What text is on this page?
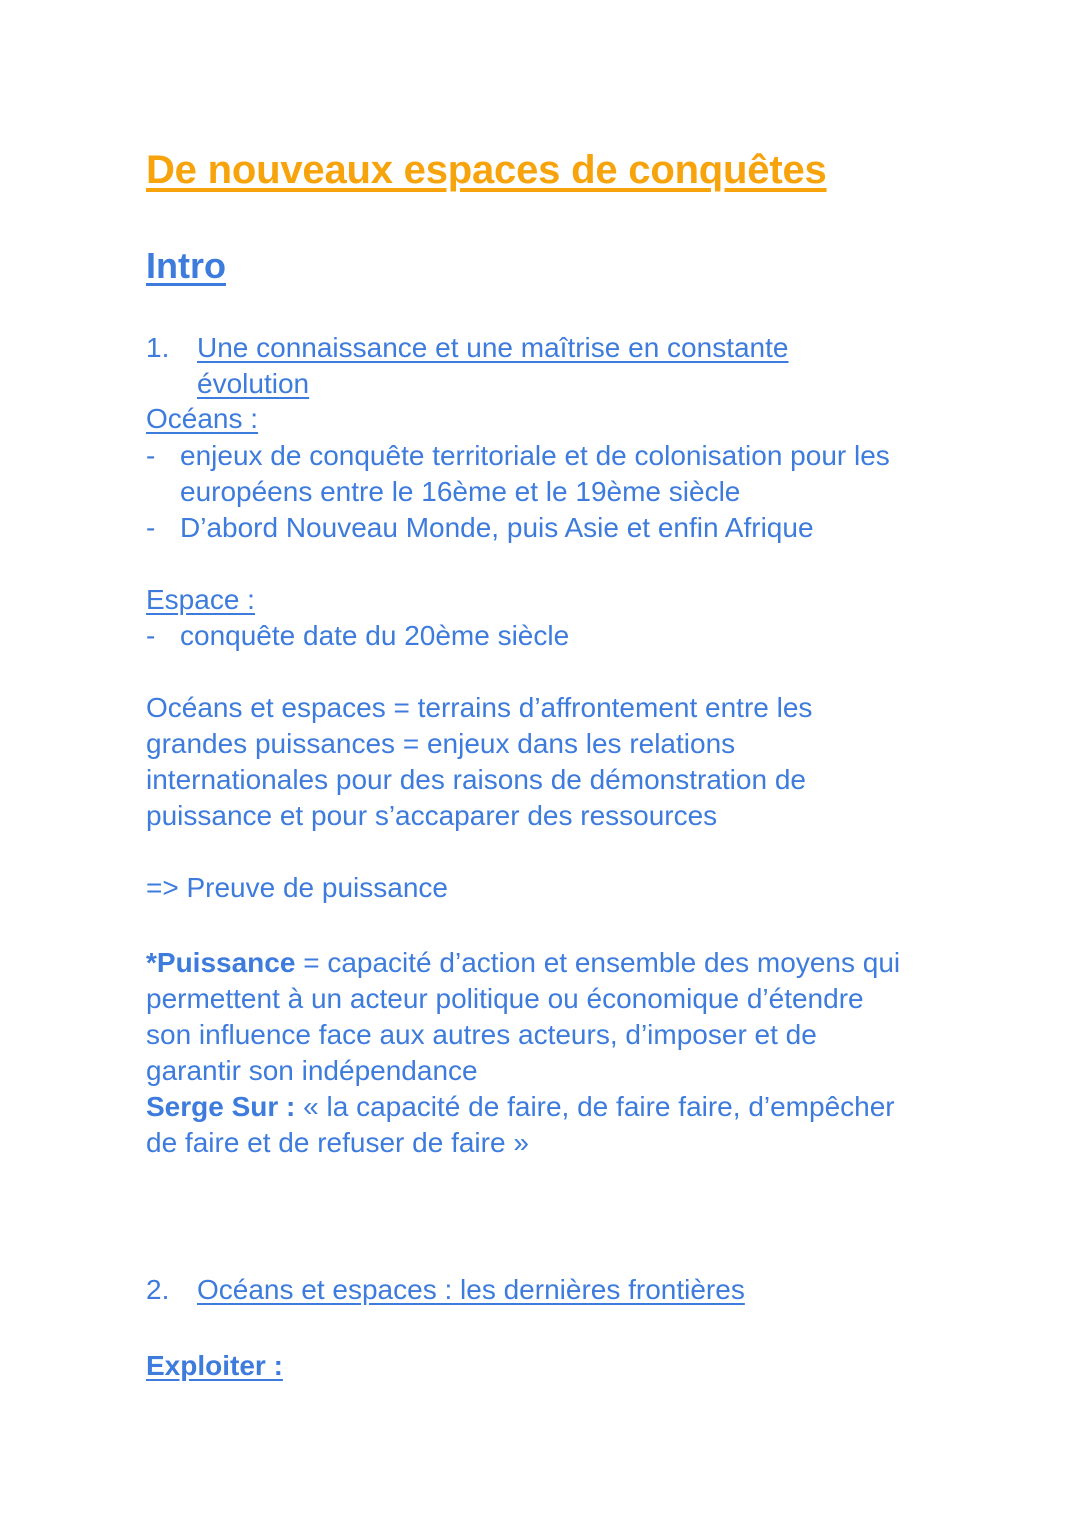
De nouveaux espaces de conquêtes
Intro
1. Une connaissance et une maîtrise en constante évolution
Océans :
- enjeux de conquête territoriale et de colonisation pour les européens entre le 16ème et le 19ème siècle
- D’abord Nouveau Monde, puis Asie et enfin Afrique
Espace :
- conquête date du 20ème siècle
Océans et espaces = terrains d’affrontement entre les grandes puissances = enjeux dans les relations internationales pour des raisons de démonstration de puissance et pour s’accaparer des ressources
=> Preuve de puissance
*Puissance = capacité d’action et ensemble des moyens qui permettent à un acteur politique ou économique d’étendre son influence face aux autres acteurs, d’imposer et de garantir son indépendance
Serge Sur : « la capacité de faire, de faire faire, d’empêcher de faire et de refuser de faire »
2. Océans et espaces : les dernières frontières
Exploiter :
